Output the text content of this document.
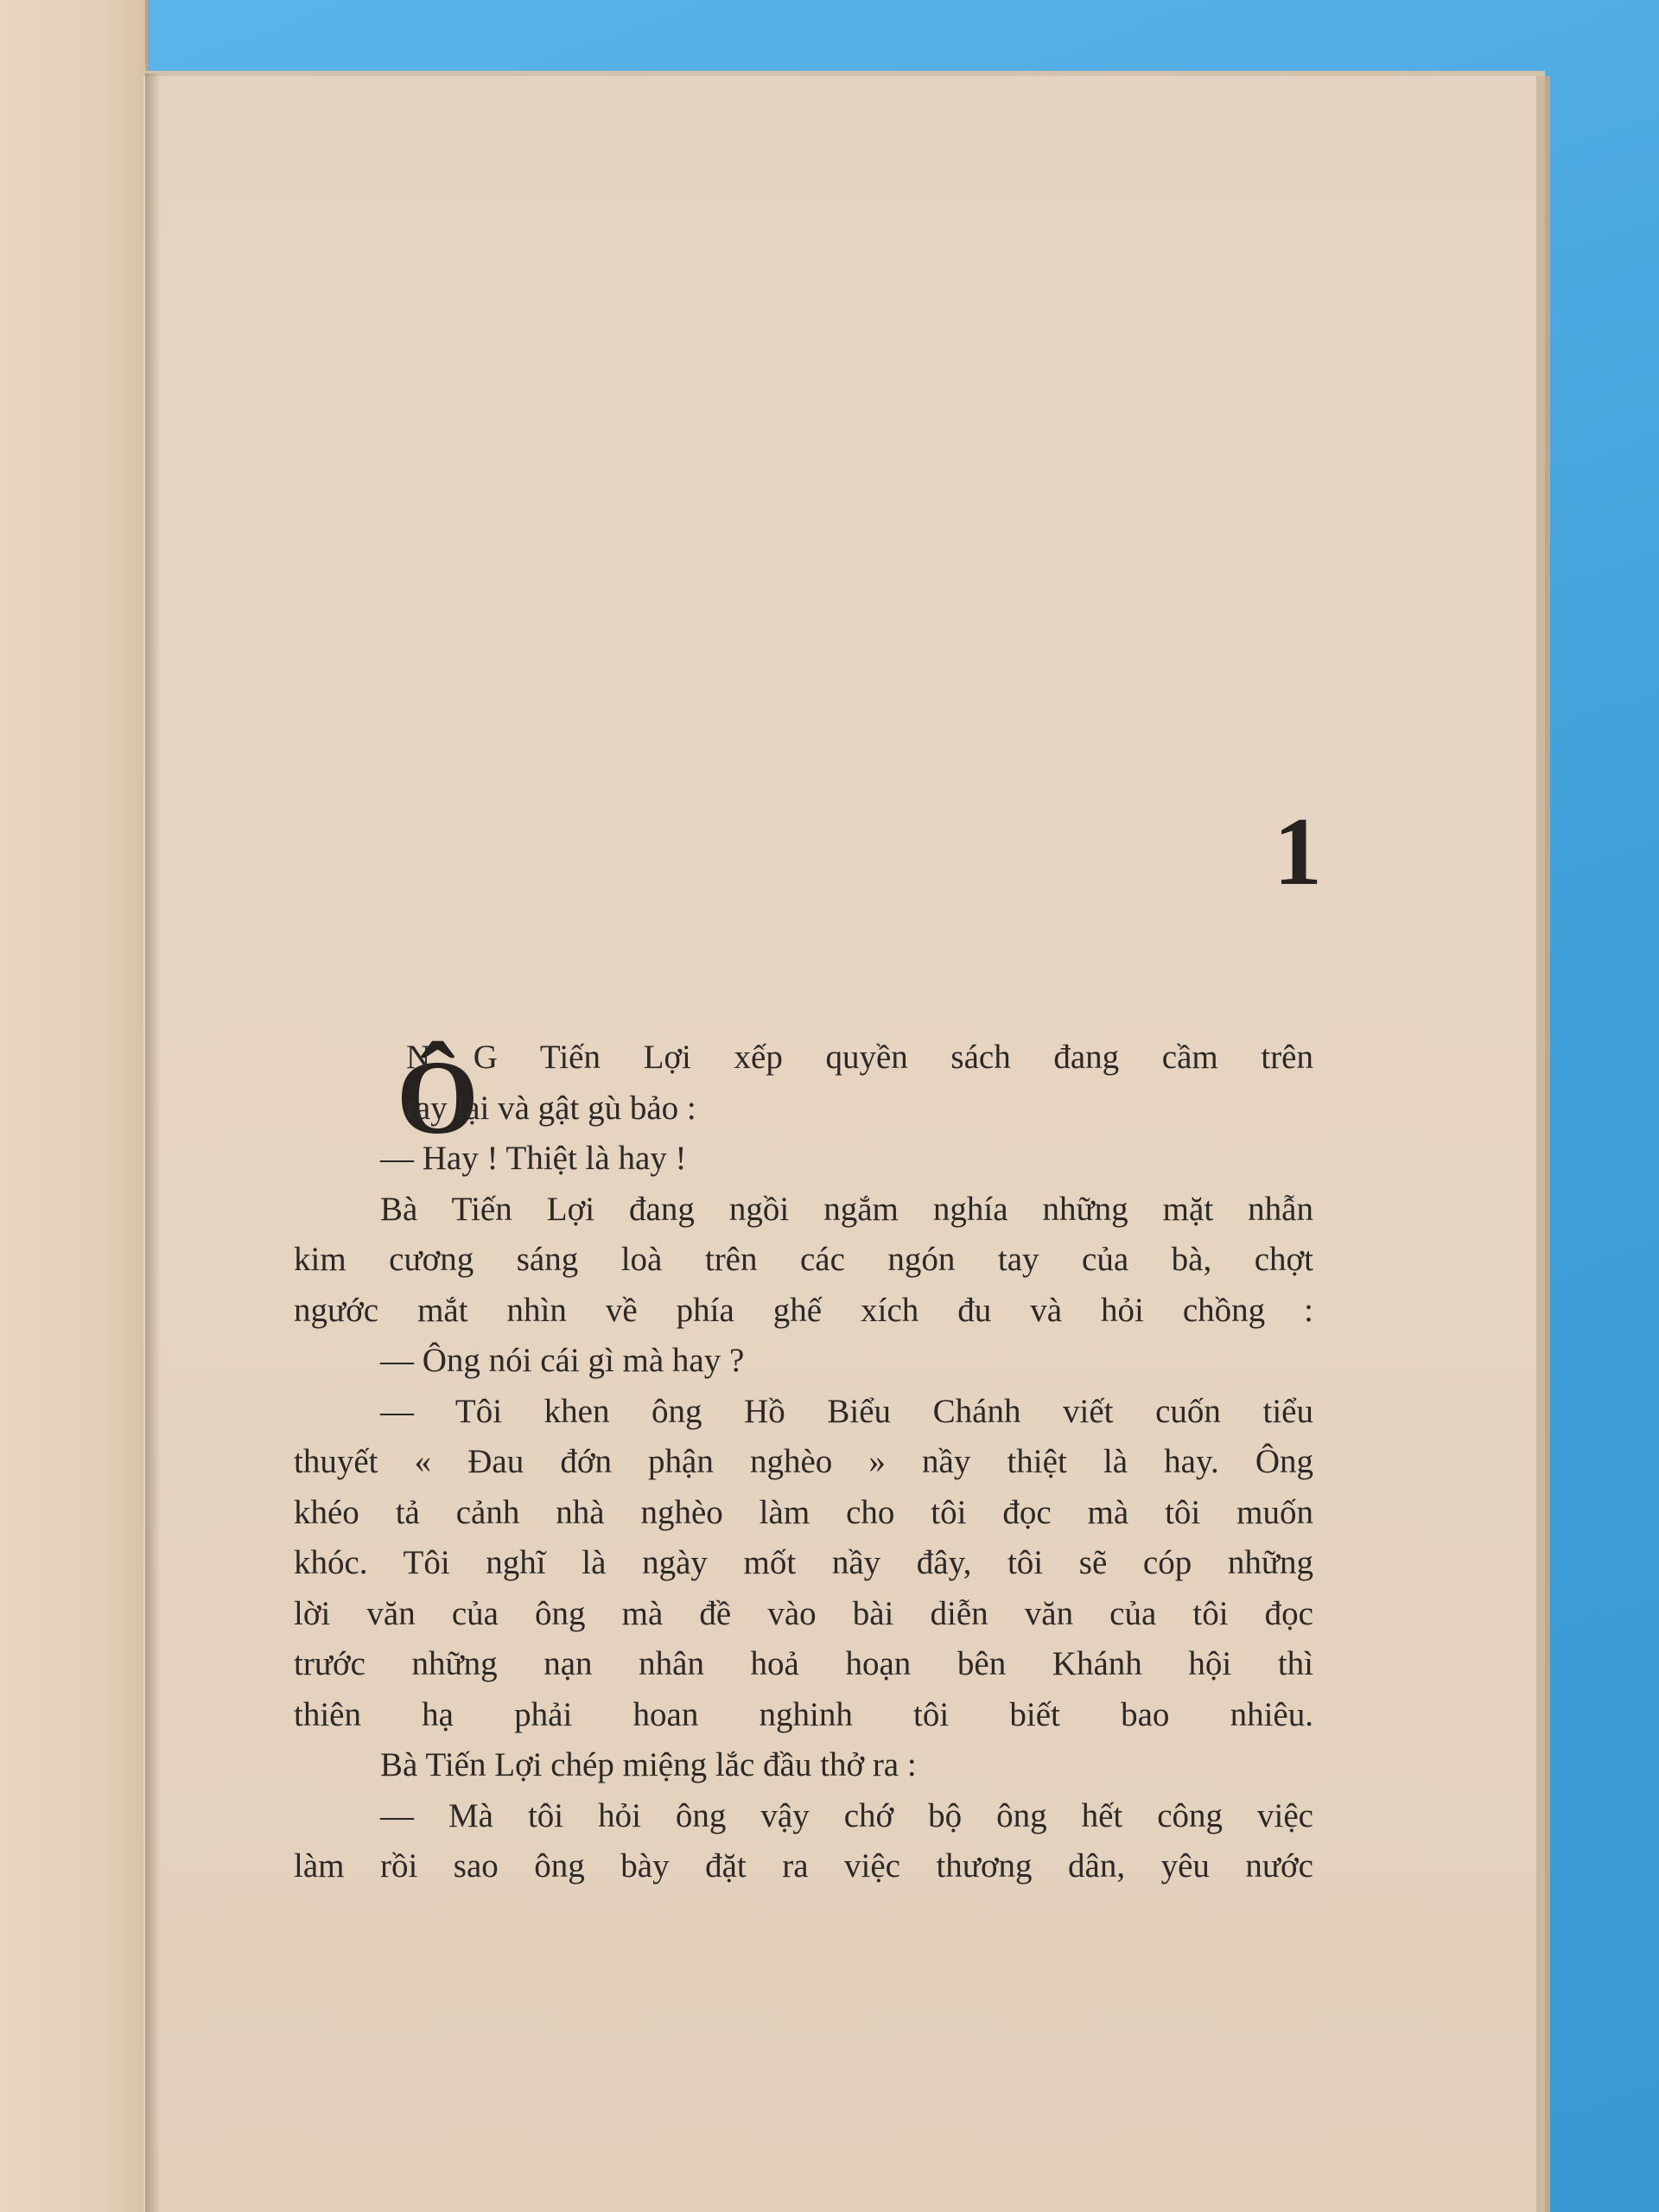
1
Ô
N G Tiến Lợi xếp quyền sách đang cầm trên
tay lại và gật gù bảo :
— Hay ! Thiệt là hay !
Bà Tiến Lợi đang ngồi ngắm nghía những mặt nhẫn
kim cương sáng loà trên các ngón tay của bà, chợt
ngước mắt nhìn về phía ghế xích đu và hỏi chồng :
— Ông nói cái gì mà hay ?
— Tôi khen ông Hồ Biểu Chánh viết cuốn tiểu
thuyết « Đau đớn phận nghèo » nầy thiệt là hay. Ông
khéo tả cảnh nhà nghèo làm cho tôi đọc mà tôi muốn
khóc. Tôi nghĩ là ngày mốt nầy đây, tôi sẽ cóp những
lời văn của ông mà đề vào bài diễn văn của tôi đọc
trước những nạn nhân hoả hoạn bên Khánh hội thì
thiên hạ phải hoan nghinh tôi biết bao nhiêu.
Bà Tiến Lợi chép miệng lắc đầu thở ra :
— Mà tôi hỏi ông vậy chớ bộ ông hết công việc
làm rồi sao ông bày đặt ra việc thương dân, yêu nước
